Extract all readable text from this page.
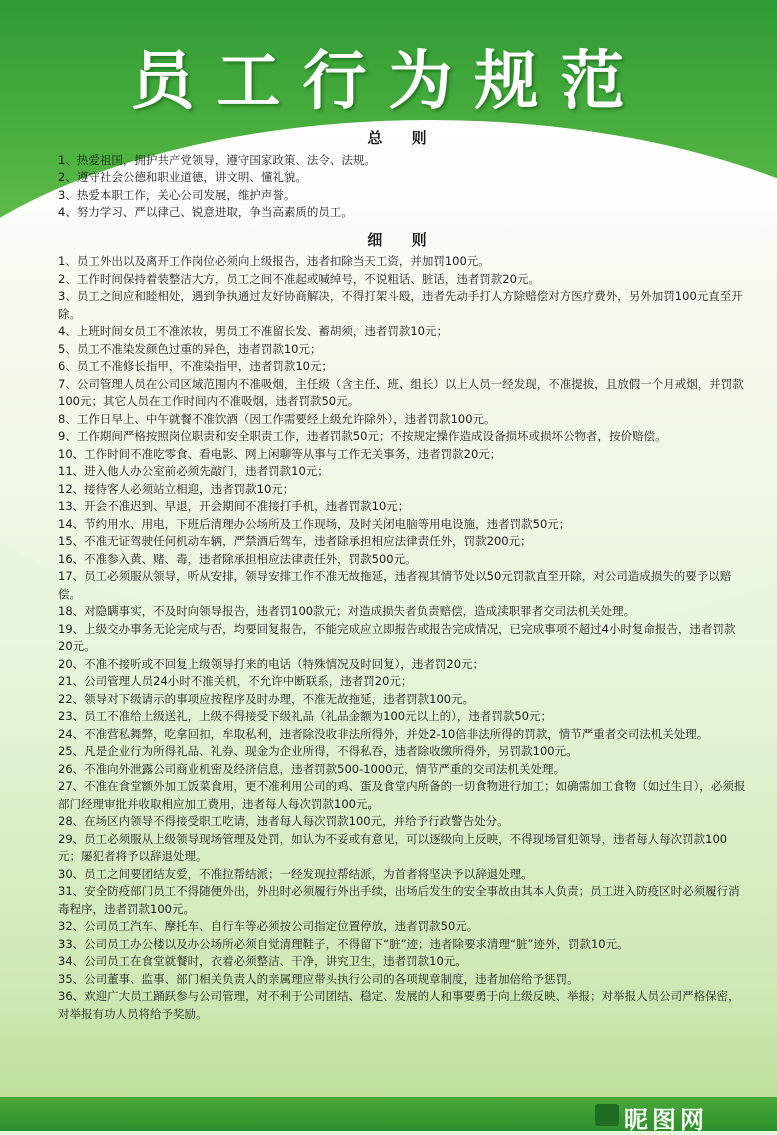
员工行为规范
总 则

1、热爱祖国，拥护共产党领导，遵守国家政策、法令、法规。

2、遵守社会公德和职业道德，讲文明、懂礼貌。

3、热爱本职工作，关心公司发展，维护声誉。

4、努力学习、严以律己、锐意进取，争当高素质的员工。

细 则

1、员工外出以及离开工作岗位必须向上级报告，违者扣除当天工资，并加罚100元。

2、工作时间保持着装整洁大方，员工之间不准起或喊绰号，不说粗话、脏话，违者罚款20元。

3、员工之间应和睦相处，遇到争执通过友好协商解决，不得打架斗殴，违者先动手打人方除赔偿对方医疗费外，另外加罚100元直至开除。

4、上班时间女员工不准浓妆，男员工不准留长发、蓄胡须，违者罚款10元；

5、员工不准染发颜色过重的异色，违者罚款10元；

6、员工不准修长指甲，不准染指甲，违者罚款10元；

7、公司管理人员在公司区域范围内不准吸烟，主任级（含主任、班、组长）以上人员一经发现，不准提拔，且放假一个月戒烟，并罚款100元；其它人员在工作时间内不准吸烟，违者罚款50元。

8、工作日早上、中午就餐不准饮酒（因工作需要经上级允许除外），违者罚款100元。

9、工作期间严格按照岗位职责和安全职责工作，违者罚款50元；不按规定操作造成设备损坏或损坏公物者，按价赔偿。

10、工作时间不准吃零食、看电影、网上闲聊等从事与工作无关事务，违者罚款20元；

11、进入他人办公室前必须先敲门，违者罚款10元；

12、接待客人必须站立相迎，违者罚款10元；

13、开会不准迟到、早退，开会期间不准接打手机，违者罚款10元；

14、节约用水、用电，下班后清理办公场所及工作现场，及时关闭电脑等用电设施，违者罚款50元；

15、不准无证驾驶任何机动车辆，严禁酒后驾车，违者除承担相应法律责任外，罚款200元；

16、不准参入黄、赌、毒，违者除承担相应法律责任外，罚款500元。

17、员工必须服从领导，听从安排，领导安排工作不准无故拖延，违者视其情节处以50元罚款直至开除，对公司造成损失的要予以赔偿。

18、对隐瞒事实，不及时向领导报告，违者罚100款元；对造成损失者负责赔偿，造成渎职罪者交司法机关处理。

19、上级交办事务无论完成与否，均要回复报告，不能完成应立即报告或报告完成情况，已完成事项不超过4小时复命报告，违者罚款20元。

20、不准不接听或不回复上级领导打来的电话（特殊情况及时回复），违者罚20元；

21、公司管理人员24小时不准关机，不允许中断联系，违者罚20元；

22、领导对下级请示的事项应按程序及时办理，不准无故拖延，违者罚款100元。

23、员工不准给上级送礼，上级不得接受下级礼品（礼品金额为100元以上的），违者罚款50元；

24、不准营私舞弊，吃拿回扣，牟取私利，违者除没收非法所得外，并处2-10倍非法所得的罚款，情节严重者交司法机关处理。

25、凡是企业行为所得礼品、礼券、现金为企业所得，不得私吞，违者除收缴所得外，另罚款100元。

26、不准向外泄露公司商业机密及经济信息，违者罚款500-1000元，情节严重的交司法机关处理。

27、不准在食堂额外加工饭菜食用，更不准利用公司的鸡、蛋及食堂内所备的一切食物进行加工；如确需加工食物（如过生日），必须报部门经理审批并收取相应加工费用，违者每人每次罚款100元。

28、在场区内领导不得接受职工吃请，违者每人每次罚款100元，并给予行政警告处分。

29、员工必须服从上级领导现场管理及处罚，如认为不妥或有意见，可以逐级向上反映，不得现场冒犯领导，违者每人每次罚款100元；屡犯者将予以辞退处理。

30、员工之间要团结友爱，不准拉帮结派；一经发现拉帮结派，为首者将坚决予以辞退处理。

31、安全防疫部门员工不得随便外出，外出时必须履行外出手续，出场后发生的安全事故由其本人负责；员工进入防疫区时必须履行消毒程序，违者罚款100元。

32、公司员工汽车、摩托车、自行车等必须按公司指定位置停放，违者罚款50元。

33、公司员工办公楼以及办公场所必须自觉清理鞋子，不得留下“脏”迹；违者除要求清理“脏”迹外，罚款10元。

34、公司员工在食堂就餐时，衣着必须整洁、干净，讲究卫生，违者罚款10元。

35、公司董事、监事、部门相关负责人的亲属理应带头执行公司的各项规章制度，违者加倍给予惩罚。

36、欢迎广大员工踊跃参与公司管理，对不利于公司团结、稳定、发展的人和事要勇于向上级反映、举报；对举报人员公司严格保密，对举报有功人员将给予奖励。

昵图网
